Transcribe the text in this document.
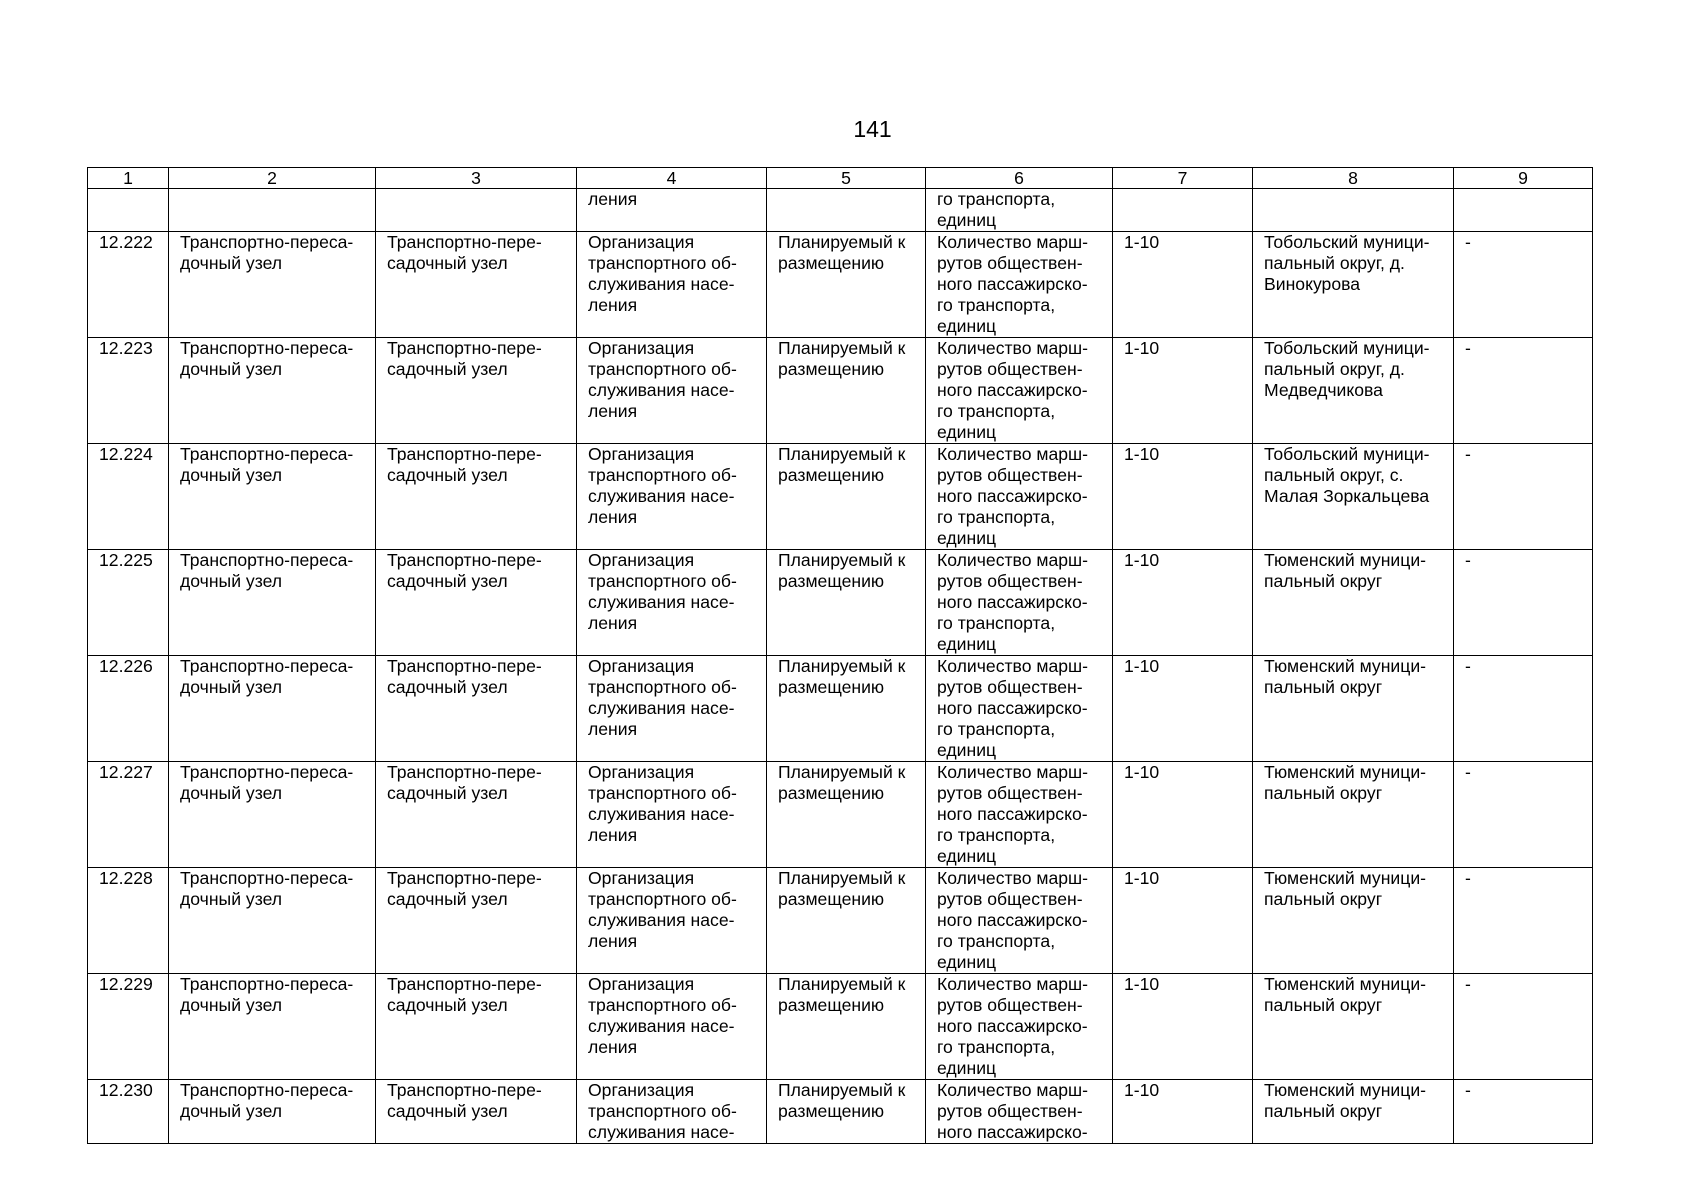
141
1	2	3	4	5	6	7	8	9

			ления		го транспорта,
единиц			

12.222	Транспортно-переса-
дочный узел	Транспортно-пере-
садочный узел	Организация
транспортного об-
служивания насе-
ления	Планируемый к
размещению	Количество марш-
рутов обществен-
ного пассажирско-
го транспорта,
единиц	1-10	Тобольский муници-
пальный округ, д.
Винокурова	-

12.223	Транспортно-переса-
дочный узел	Транспортно-пере-
садочный узел	Организация
транспортного об-
служивания насе-
ления	Планируемый к
размещению	Количество марш-
рутов обществен-
ного пассажирско-
го транспорта,
единиц	1-10	Тобольский муници-
пальный округ, д.
Медведчикова	-

12.224	Транспортно-переса-
дочный узел	Транспортно-пере-
садочный узел	Организация
транспортного об-
служивания насе-
ления	Планируемый к
размещению	Количество марш-
рутов обществен-
ного пассажирско-
го транспорта,
единиц	1-10	Тобольский муници-
пальный округ, с.
Малая Зоркальцева	-

12.225	Транспортно-переса-
дочный узел	Транспортно-пере-
садочный узел	Организация
транспортного об-
служивания насе-
ления	Планируемый к
размещению	Количество марш-
рутов обществен-
ного пассажирско-
го транспорта,
единиц	1-10	Тюменский муници-
пальный округ	-

12.226	Транспортно-переса-
дочный узел	Транспортно-пере-
садочный узел	Организация
транспортного об-
служивания насе-
ления	Планируемый к
размещению	Количество марш-
рутов обществен-
ного пассажирско-
го транспорта,
единиц	1-10	Тюменский муници-
пальный округ	-

12.227	Транспортно-переса-
дочный узел	Транспортно-пере-
садочный узел	Организация
транспортного об-
служивания насе-
ления	Планируемый к
размещению	Количество марш-
рутов обществен-
ного пассажирско-
го транспорта,
единиц	1-10	Тюменский муници-
пальный округ	-

12.228	Транспортно-переса-
дочный узел	Транспортно-пере-
садочный узел	Организация
транспортного об-
служивания насе-
ления	Планируемый к
размещению	Количество марш-
рутов обществен-
ного пассажирско-
го транспорта,
единиц	1-10	Тюменский муници-
пальный округ	-

12.229	Транспортно-переса-
дочный узел	Транспортно-пере-
садочный узел	Организация
транспортного об-
служивания насе-
ления	Планируемый к
размещению	Количество марш-
рутов обществен-
ного пассажирско-
го транспорта,
единиц	1-10	Тюменский муници-
пальный округ	-

12.230	Транспортно-переса-
дочный узел	Транспортно-пере-
садочный узел	Организация
транспортного об-
служивания насе-	Планируемый к
размещению	Количество марш-
рутов обществен-
ного пассажирско-	1-10	Тюменский муници-
пальный округ	-
